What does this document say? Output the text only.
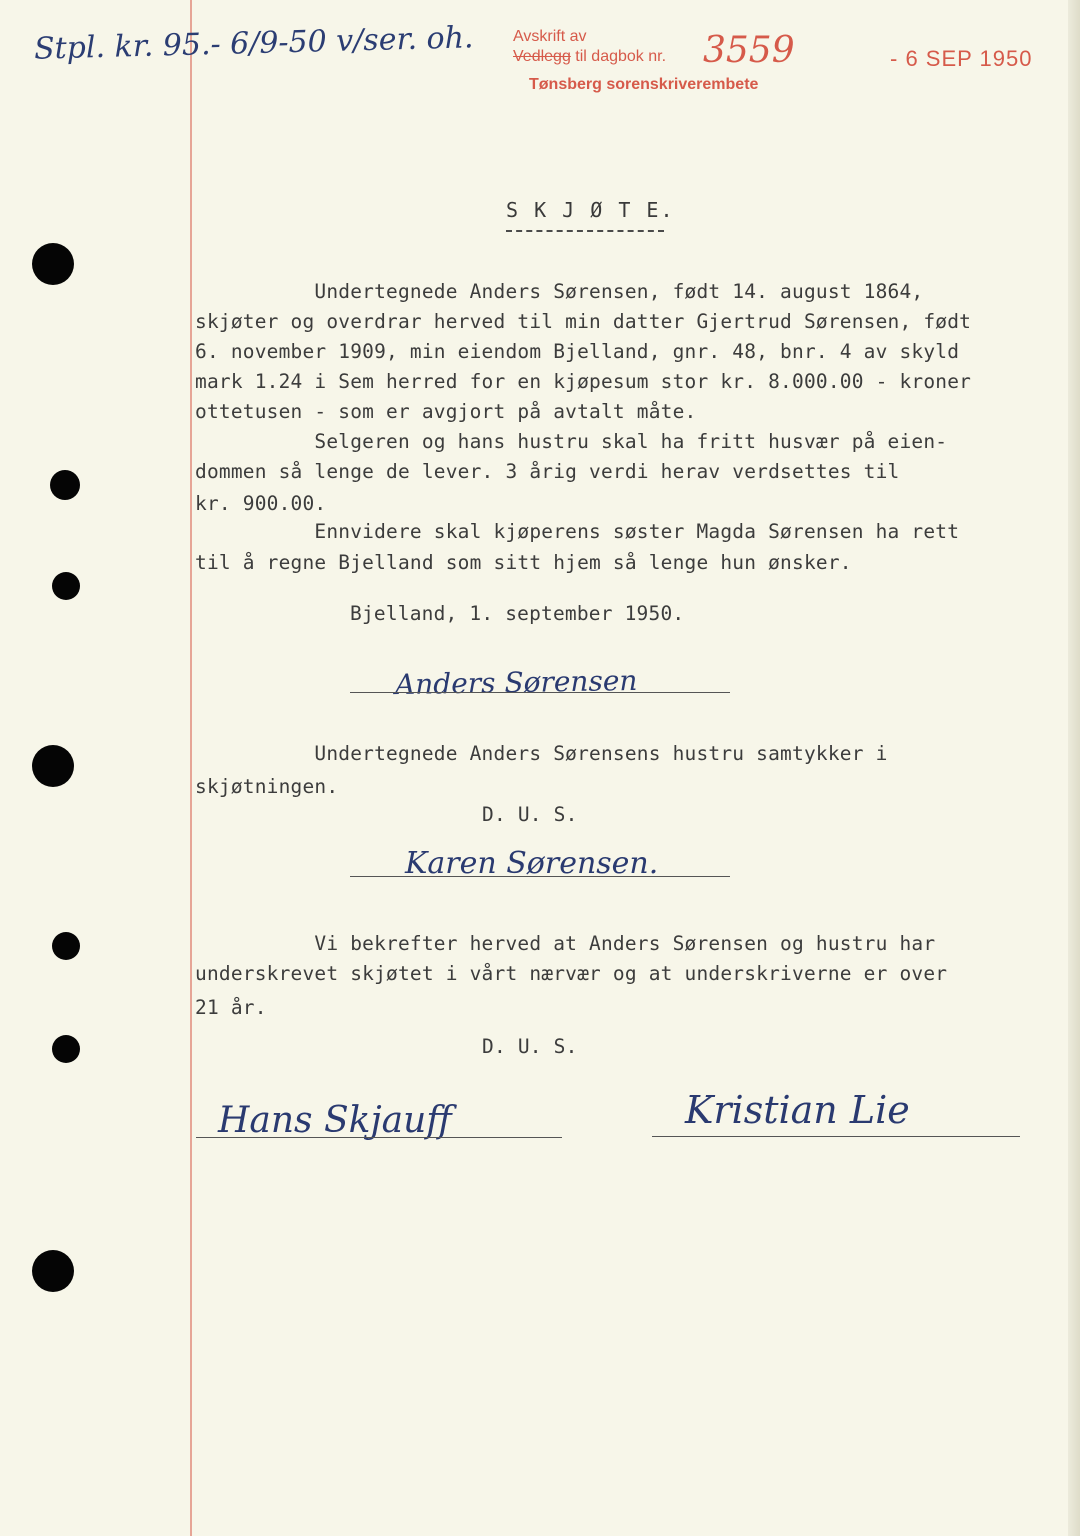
Stpl. kr. 95.- 6/9-50 v/ser. oh. Avskrift av
Vedlegg til dagbok nr. 3559
Tønsberg sorenskriverembete
- 6 SEP 1950
S K J Ø T E.
Undertegnede Anders Sørensen, født 14. august 1864,
skjøter og overdrar herved til min datter Gjertrud Sørensen, født
6. november 1909, min eiendom Bjelland, gnr. 48, bnr. 4 av skyld
mark 1.24 i Sem herred for en kjøpesum stor kr. 8.000.00 - kroner
ottetusen - som er avgjort på avtalt måte.
Selgeren og hans hustru skal ha fritt husvær på eien-
dommen så lenge de lever. 3 årig verdi herav verdsettes til
kr. 900.00.
Ennvidere skal kjøperens søster Magda Sørensen ha rett
til å regne Bjelland som sitt hjem så lenge hun ønsker.
Bjelland, 1. september 1950.
Anders Sørensen
Undertegnede Anders Sørensens hustru samtykker i
skjøtningen.
D. U. S.
Karen Sørensen.
Vi bekrefter herved at Anders Sørensen og hustru har
underskrevet skjøtet i vårt nærvær og at underskriverne er over
21 år.
D. U. S.
Hans Skjauff	Kristian Lie
